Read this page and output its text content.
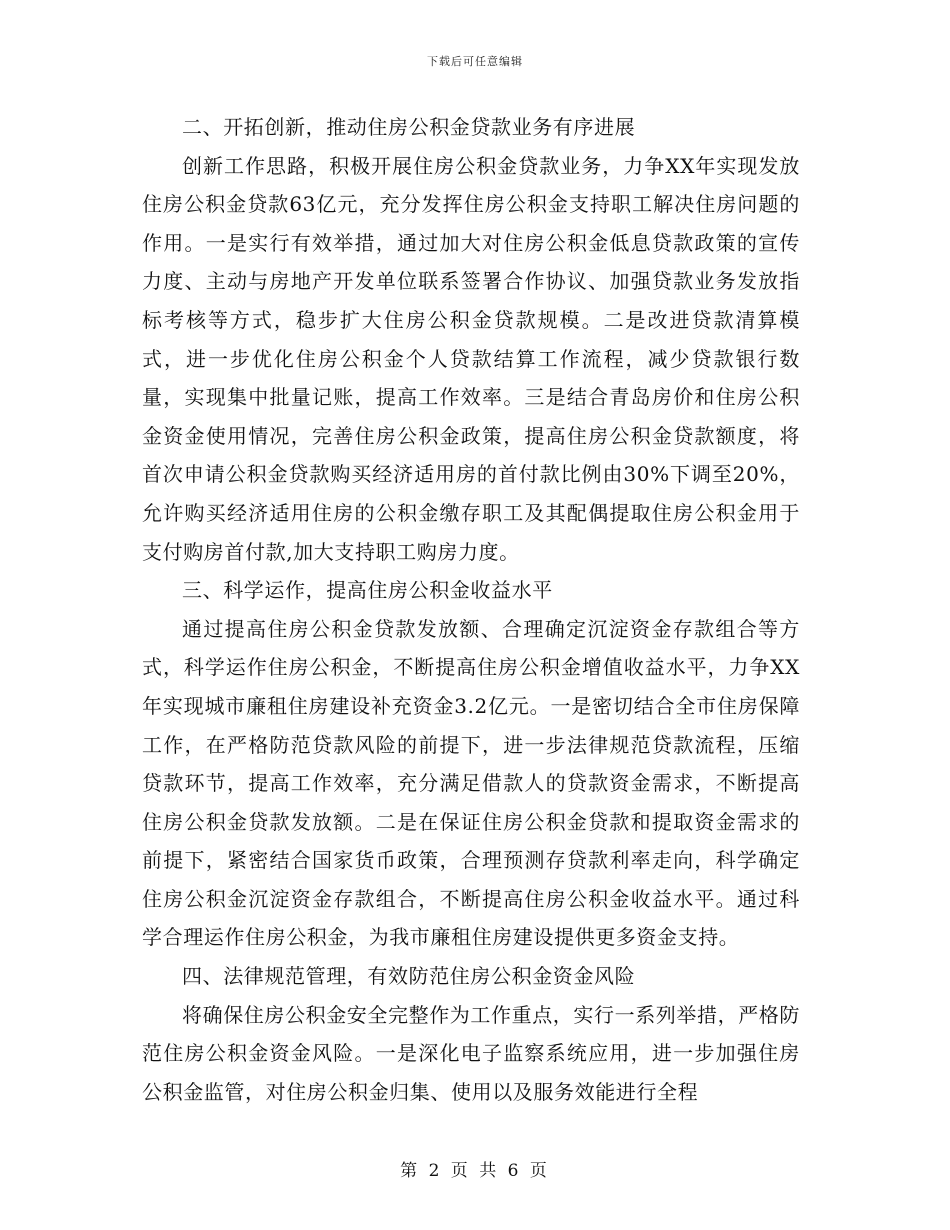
下载后可任意编辑

二、开拓创新，推动住房公积金贷款业务有序进展

创新工作思路，积极开展住房公积金贷款业务，力争XX年实现发放住房公积金贷款63亿元，充分发挥住房公积金支持职工解决住房问题的作用。一是实行有效举措，通过加大对住房公积金低息贷款政策的宣传力度、主动与房地产开发单位联系签署合作协议、加强贷款业务发放指标考核等方式，稳步扩大住房公积金贷款规模。二是改进贷款清算模式，进一步优化住房公积金个人贷款结算工作流程，减少贷款银行数量，实现集中批量记账，提高工作效率。三是结合青岛房价和住房公积金资金使用情况，完善住房公积金政策，提高住房公积金贷款额度，将首次申请公积金贷款购买经济适用房的首付款比例由30%下调至20%，允许购买经济适用住房的公积金缴存职工及其配偶提取住房公积金用于支付购房首付款,加大支持职工购房力度。

三、科学运作，提高住房公积金收益水平

通过提高住房公积金贷款发放额、合理确定沉淀资金存款组合等方式，科学运作住房公积金，不断提高住房公积金增值收益水平，力争XX年实现城市廉租住房建设补充资金3.2亿元。一是密切结合全市住房保障工作，在严格防范贷款风险的前提下，进一步法律规范贷款流程，压缩贷款环节，提高工作效率，充分满足借款人的贷款资金需求，不断提高住房公积金贷款发放额。二是在保证住房公积金贷款和提取资金需求的前提下，紧密结合国家货币政策，合理预测存贷款利率走向，科学确定住房公积金沉淀资金存款组合，不断提高住房公积金收益水平。通过科学合理运作住房公积金，为我市廉租住房建设提供更多资金支持。

四、法律规范管理，有效防范住房公积金资金风险

将确保住房公积金安全完整作为工作重点，实行一系列举措，严格防范住房公积金资金风险。一是深化电子监察系统应用，进一步加强住房公积金监管，对住房公积金归集、使用以及服务效能进行全程

第 2 页 共 6 页
